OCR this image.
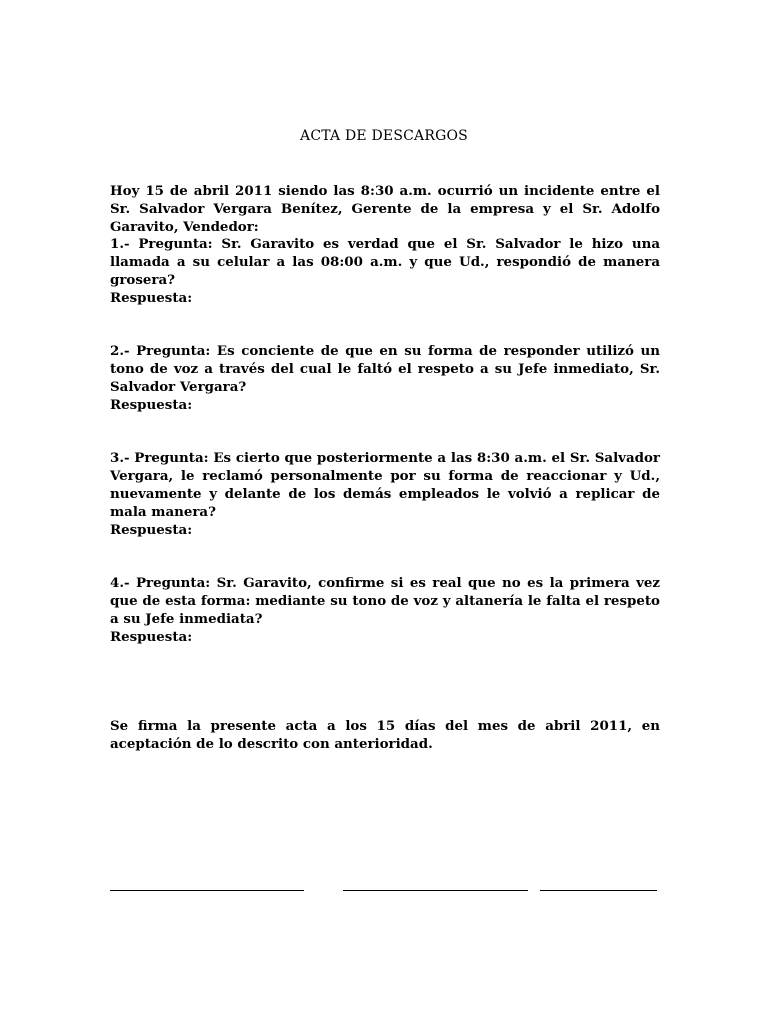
ACTA DE DESCARGOS
Hoy 15 de abril 2011 siendo las 8:30 a.m. ocurrió un incidente entre el Sr. Salvador Vergara Benítez, Gerente de la empresa y el Sr. Adolfo Garavito, Vendedor:
1.- Pregunta: Sr. Garavito es verdad que el Sr. Salvador le hizo una llamada a su celular a las 08:00 a.m. y que Ud., respondió de manera grosera?
Respuesta:
2.- Pregunta: Es conciente de que en su forma de responder utilizó un tono de voz a través del cual le faltó el respeto a su Jefe inmediato, Sr. Salvador Vergara?
Respuesta:
3.- Pregunta: Es cierto que posteriormente a las 8:30 a.m. el Sr. Salvador Vergara, le reclamó personalmente por su forma de reaccionar y Ud., nuevamente y delante de los demás empleados le volvió a replicar de mala manera?
Respuesta:
4.- Pregunta: Sr. Garavito, confirme si es real que no es la primera vez que de esta forma: mediante su tono de voz y altanería le falta el respeto a su Jefe inmediata?
Respuesta:
Se firma la presente acta a los 15 días del mes de abril 2011, en aceptación de lo descrito con anterioridad.
